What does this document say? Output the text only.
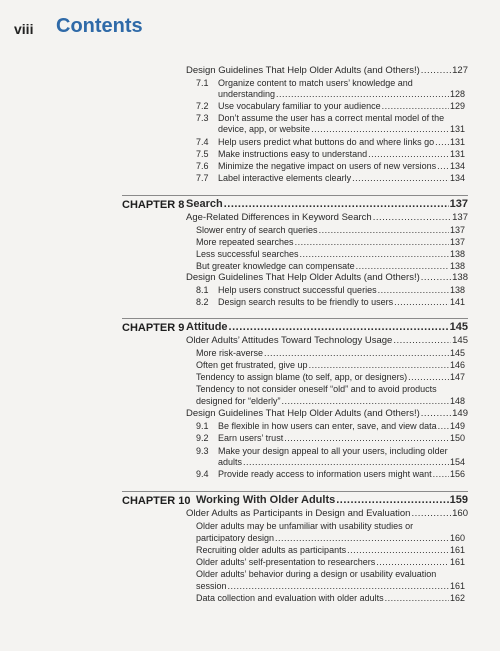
viii Contents
Design Guidelines That Help Older Adults (and Others!) .....	127
7.1 Organize content to match users’ knowledge and
understanding .....	128
7.2 Use vocabulary familiar to your audience .....	129
7.3 Don’t assume the user has a correct mental model of the
device, app, or website .....	131
7.4 Help users predict what buttons do and where links go ..... 131
7.5 Make instructions easy to understand .....	131
7.6 Minimize the negative impact on users of new versions ..... 134
7.7 Label interactive elements clearly .....	134
CHAPTER 8 Search .....	137
Age-Related Differences in Keyword Search .....	137
Slower entry of search queries .....	137
More repeated searches .....	137
Less successful searches .....	138
But greater knowledge can compensate .....	138
Design Guidelines That Help Older Adults (and Others!) .....	138
8.1 Help users construct successful queries .....	138
8.2 Design search results to be friendly to users .....	141
CHAPTER 9 Attitude .....	145
Older Adults’ Attitudes Toward Technology Usage .....	145
More risk-averse .....	145
Often get frustrated, give up .....	146
Tendency to assign blame (to self, app, or designers) .....	147
Tendency to not consider oneself “old” and to avoid products
designed for “elderly” .....	148
Design Guidelines That Help Older Adults (and Others!) .....	149
9.1 Be flexible in how users can enter, save, and view data ..... 149
9.2 Earn users’ trust .....	150
9.3 Make your design appeal to all your users, including older
adults .....	154
9.4 Provide ready access to information users might want ..... 156
CHAPTER 10 Working With Older Adults .....	159
Older Adults as Participants in Design and Evaluation .....	160
Older adults may be unfamiliar with usability studies or
participatory design .....	160
Recruiting older adults as participants .....	161
Older adults’ self-presentation to researchers .....	161
Older adults’ behavior during a design or usability evaluation
session .....	161
Data collection and evaluation with older adults .....	162
